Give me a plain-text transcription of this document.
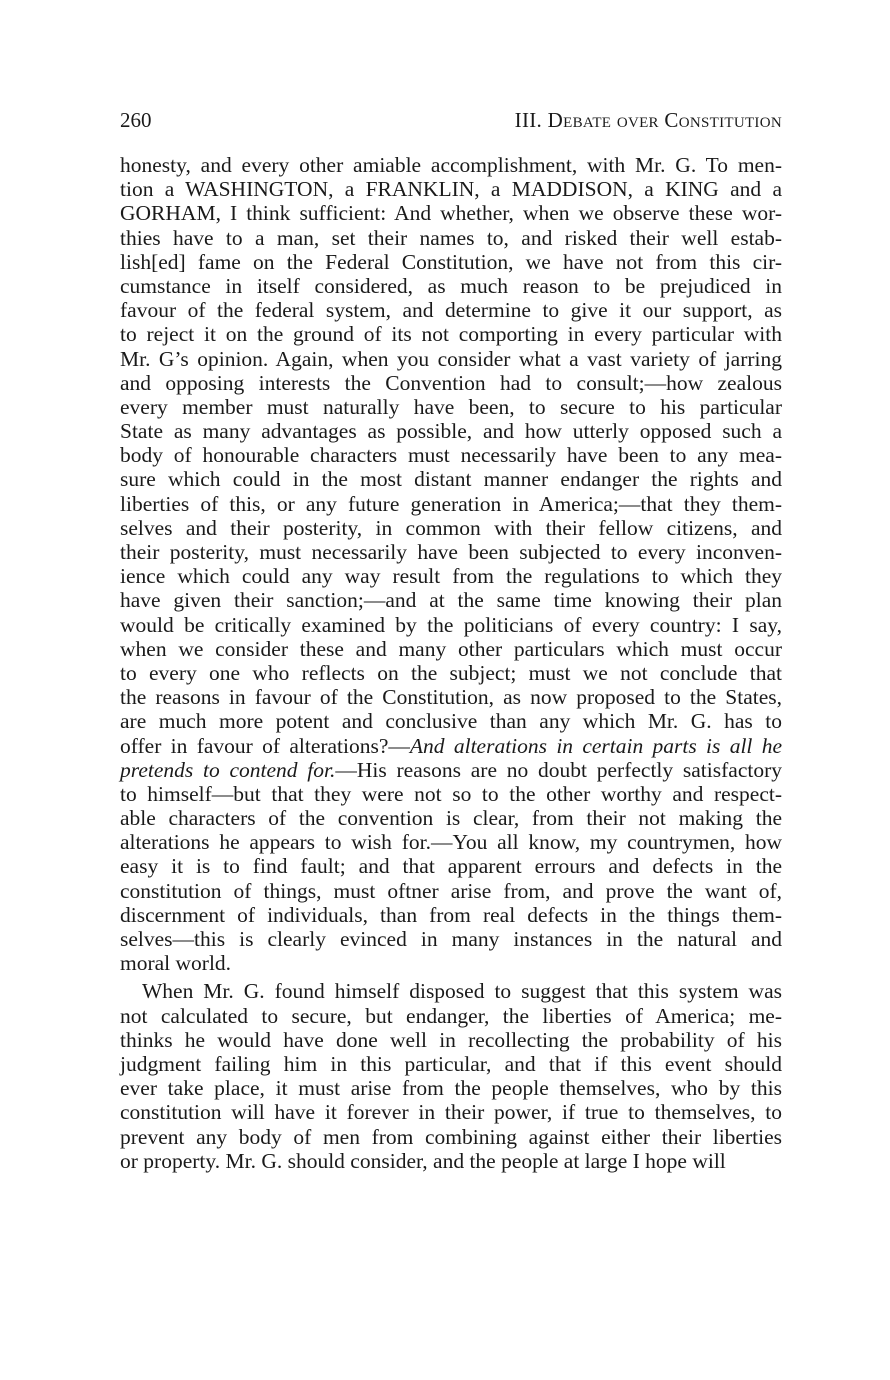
260	III. Debate over Constitution
honesty, and every other amiable accomplishment, with Mr. G. To men-
tion a WASHINGTON, a FRANKLIN, a MADDISON, a KING and a
GORHAM, I think sufficient: And whether, when we observe these wor-
thies have to a man, set their names to, and risked their well estab-
lish[ed] fame on the Federal Constitution, we have not from this cir-
cumstance in itself considered, as much reason to be prejudiced in
favour of the federal system, and determine to give it our support, as
to reject it on the ground of its not comporting in every particular with
Mr. G’s opinion. Again, when you consider what a vast variety of jarring
and opposing interests the Convention had to consult;—how zealous
every member must naturally have been, to secure to his particular
State as many advantages as possible, and how utterly opposed such a
body of honourable characters must necessarily have been to any mea-
sure which could in the most distant manner endanger the rights and
liberties of this, or any future generation in America;—that they them-
selves and their posterity, in common with their fellow citizens, and
their posterity, must necessarily have been subjected to every inconven-
ience which could any way result from the regulations to which they
have given their sanction;—and at the same time knowing their plan
would be critically examined by the politicians of every country: I say,
when we consider these and many other particulars which must occur
to every one who reflects on the subject; must we not conclude that
the reasons in favour of the Constitution, as now proposed to the States,
are much more potent and conclusive than any which Mr. G. has to
offer in favour of alterations?—And alterations in certain parts is all he
pretends to contend for.—His reasons are no doubt perfectly satisfactory
to himself—but that they were not so to the other worthy and respect-
able characters of the convention is clear, from their not making the
alterations he appears to wish for.—You all know, my countrymen, how
easy it is to find fault; and that apparent errours and defects in the
constitution of things, must oftner arise from, and prove the want of,
discernment of individuals, than from real defects in the things them-
selves—this is clearly evinced in many instances in the natural and
moral world.
When Mr. G. found himself disposed to suggest that this system was
not calculated to secure, but endanger, the liberties of America; me-
thinks he would have done well in recollecting the probability of his
judgment failing him in this particular, and that if this event should
ever take place, it must arise from the people themselves, who by this
constitution will have it forever in their power, if true to themselves, to
prevent any body of men from combining against either their liberties
or property. Mr. G. should consider, and the people at large I hope will
